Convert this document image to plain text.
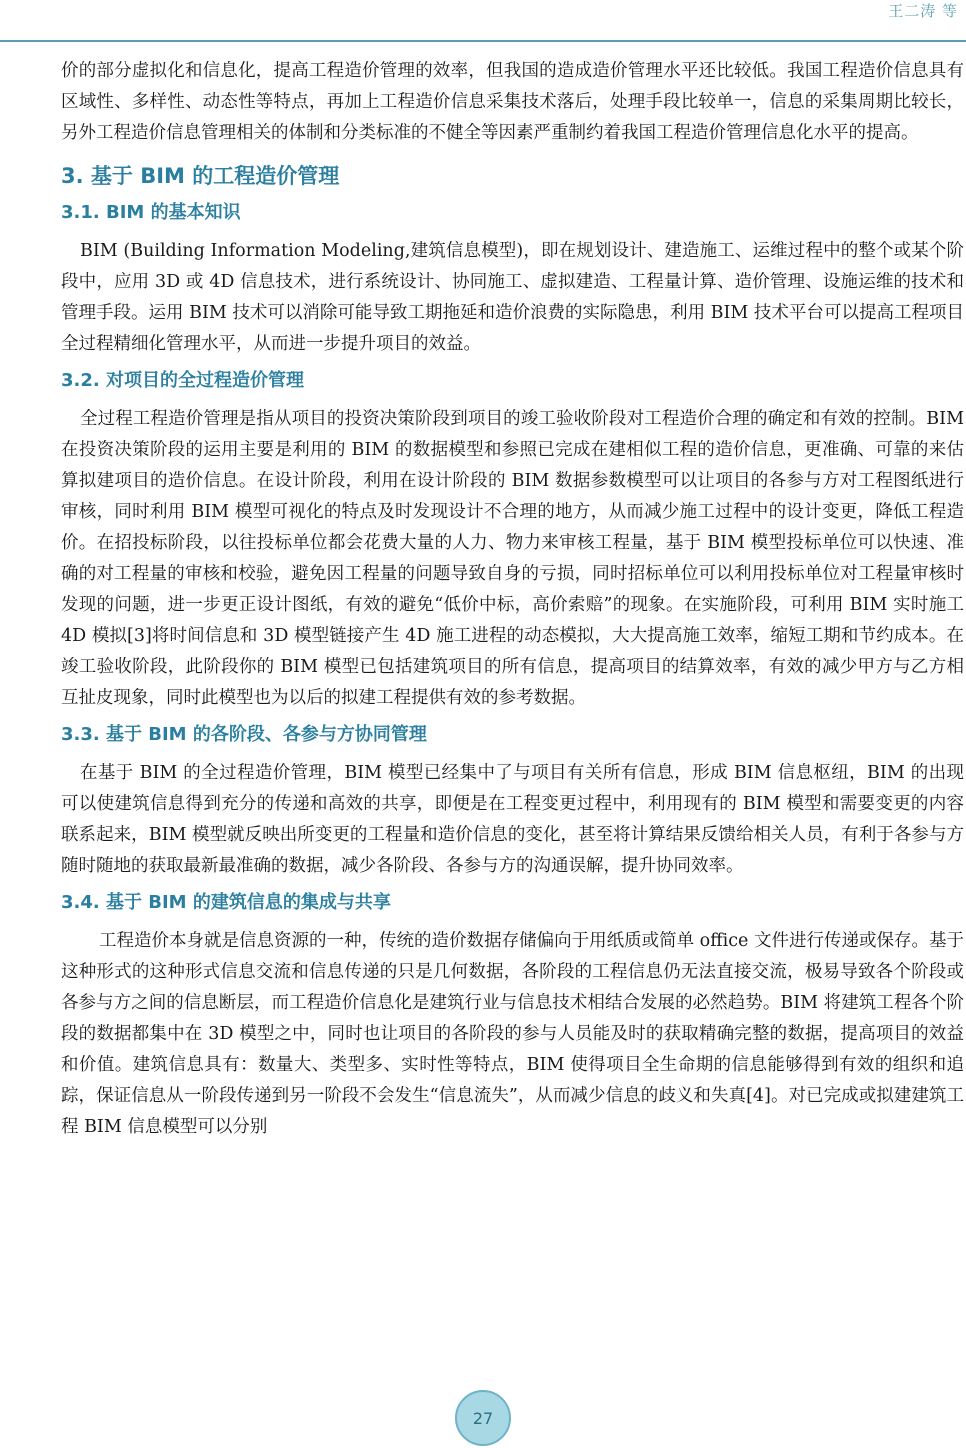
王二涛 等

价的部分虚拟化和信息化，提高工程造价管理的效率，但我国的造成造价管理水平还比较低。我国工程造价信息具有区域性、多样性、动态性等特点，再加上工程造价信息采集技术落后，处理手段比较单一，信息的采集周期比较长，另外工程造价信息管理相关的体制和分类标准的不健全等因素严重制约着我国工程造价管理信息化水平的提高。

3. 基于 BIM 的工程造价管理
3.1. BIM 的基本知识

BIM (Building Information Modeling,建筑信息模型)，即在规划设计、建造施工、运维过程中的整个或某个阶段中，应用 3D 或 4D 信息技术，进行系统设计、协同施工、虚拟建造、工程量计算、造价管理、设施运维的技术和管理手段。运用 BIM 技术可以消除可能导致工期拖延和造价浪费的实际隐患，利用 BIM 技术平台可以提高工程项目全过程精细化管理水平，从而进一步提升项目的效益。

3.2. 对项目的全过程造价管理

全过程工程造价管理是指从项目的投资决策阶段到项目的竣工验收阶段对工程造价合理的确定和有效的控制。BIM 在投资决策阶段的运用主要是利用的 BIM 的数据模型和参照已完成在建相似工程的造价信息，更准确、可靠的来估算拟建项目的造价信息。在设计阶段，利用在设计阶段的 BIM 数据参数模型可以让项目的各参与方对工程图纸进行审核，同时利用 BIM 模型可视化的特点及时发现设计不合理的地方，从而减少施工过程中的设计变更，降低工程造价。在招投标阶段，以往投标单位都会花费大量的人力、物力来审核工程量，基于 BIM 模型投标单位可以快速、准确的对工程量的审核和校验，避免因工程量的问题导致自身的亏损，同时招标单位可以利用投标单位对工程量审核时发现的问题，进一步更正设计图纸，有效的避免“低价中标，高价索赔”的现象。在实施阶段，可利用 BIM 实时施工 4D 模拟[3]将时间信息和 3D 模型链接产生 4D 施工进程的动态模拟，大大提高施工效率，缩短工期和节约成本。在竣工验收阶段，此阶段你的 BIM 模型已包括建筑项目的所有信息，提高项目的结算效率，有效的减少甲方与乙方相互扯皮现象，同时此模型也为以后的拟建工程提供有效的参考数据。

3.3. 基于 BIM 的各阶段、各参与方协同管理

在基于 BIM 的全过程造价管理，BIM 模型已经集中了与项目有关所有信息，形成 BIM 信息枢纽，BIM 的出现可以使建筑信息得到充分的传递和高效的共享，即便是在工程变更过程中，利用现有的 BIM 模型和需要变更的内容联系起来，BIM 模型就反映出所变更的工程量和造价信息的变化，甚至将计算结果反馈给相关人员，有利于各参与方随时随地的获取最新最准确的数据，减少各阶段、各参与方的沟通误解，提升协同效率。

3.4. 基于 BIM 的建筑信息的集成与共享

工程造价本身就是信息资源的一种，传统的造价数据存储偏向于用纸质或简单 office 文件进行传递或保存。基于这种形式的这种形式信息交流和信息传递的只是几何数据，各阶段的工程信息仍无法直接交流，极易导致各个阶段或各参与方之间的信息断层，而工程造价信息化是建筑行业与信息技术相结合发展的必然趋势。BIM 将建筑工程各个阶段的数据都集中在 3D 模型之中，同时也让项目的各阶段的参与人员能及时的获取精确完整的数据，提高项目的效益和价值。建筑信息具有：数量大、类型多、实时性等特点，BIM 使得项目全生命期的信息能够得到有效的组织和追踪，保证信息从一阶段传递到另一阶段不会发生“信息流失”，从而减少信息的歧义和失真[4]。对已完成或拟建建筑工程 BIM 信息模型可以分别

27
